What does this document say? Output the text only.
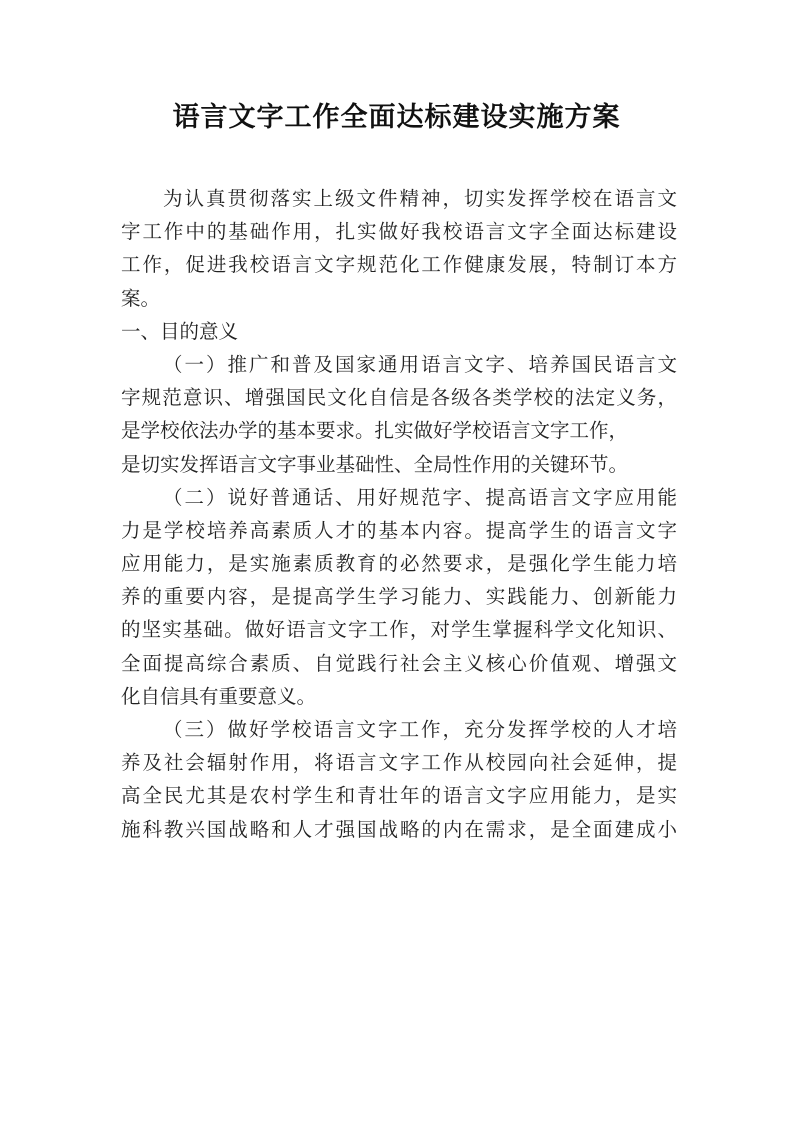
语言文字工作全面达标建设实施方案
为认真贯彻落实上级文件精神，切实发挥学校在语言文
字工作中的基础作用，扎实做好我校语言文字全面达标建设
工作，促进我校语言文字规范化工作健康发展，特制订本方
案。
一、目的意义
（一）推广和普及国家通用语言文字、培养国民语言文
字规范意识、增强国民文化自信是各级各类学校的法定义务，
是学校依法办学的基本要求。扎实做好学校语言文字工作，
是切实发挥语言文字事业基础性、全局性作用的关键环节。
（二）说好普通话、用好规范字、提高语言文字应用能
力是学校培养高素质人才的基本内容。提高学生的语言文字
应用能力，是实施素质教育的必然要求，是强化学生能力培
养的重要内容，是提高学生学习能力、实践能力、创新能力
的坚实基础。做好语言文字工作，对学生掌握科学文化知识、
全面提高综合素质、自觉践行社会主义核心价值观、增强文
化自信具有重要意义。
（三）做好学校语言文字工作，充分发挥学校的人才培
养及社会辐射作用，将语言文字工作从校园向社会延伸，提
高全民尤其是农村学生和青壮年的语言文字应用能力，是实
施科教兴国战略和人才强国战略的内在需求，是全面建成小
